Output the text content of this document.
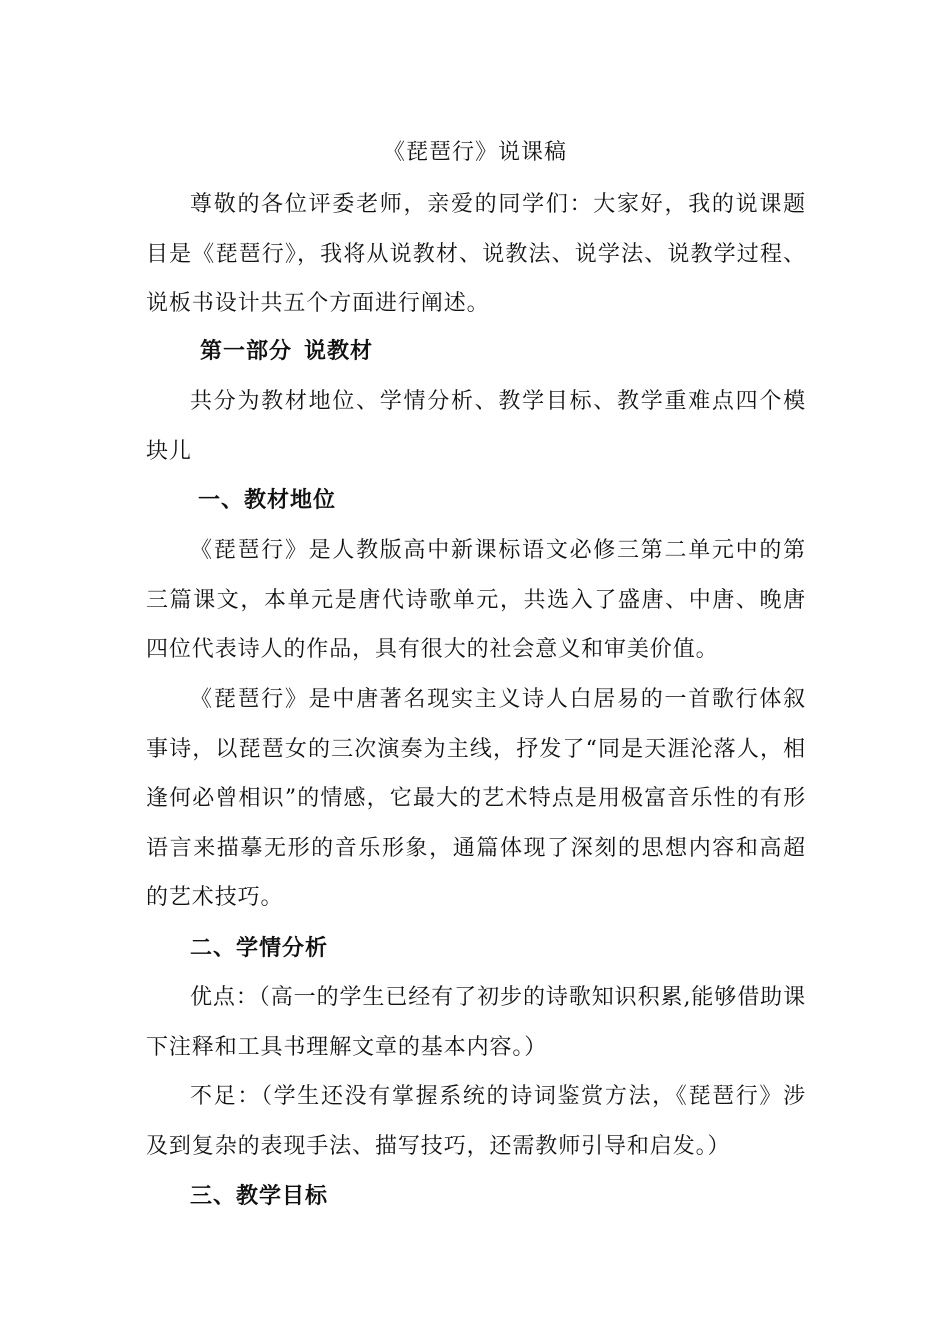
《琵琶行》说课稿

尊敬的各位评委老师，亲爱的同学们：大家好，我的说课题目是《琵琶行》，我将从说教材、说教法、说学法、说教学过程、说板书设计共五个方面进行阐述。

第一部分 说教材

共分为教材地位、学情分析、教学目标、教学重难点四个模块儿

一、教材地位

《琵琶行》是人教版高中新课标语文必修三第二单元中的第三篇课文，本单元是唐代诗歌单元，共选入了盛唐、中唐、晚唐四位代表诗人的作品，具有很大的社会意义和审美价值。

《琵琶行》是中唐著名现实主义诗人白居易的一首歌行体叙事诗，以琵琶女的三次演奏为主线，抒发了“同是天涯沦落人，相逢何必曾相识”的情感，它最大的艺术特点是用极富音乐性的有形语言来描摹无形的音乐形象，通篇体现了深刻的思想内容和高超的艺术技巧。

二、学情分析

优点：（高一的学生已经有了初步的诗歌知识积累,能够借助课下注释和工具书理解文章的基本内容。）

不足：（学生还没有掌握系统的诗词鉴赏方法，《琵琶行》涉及到复杂的表现手法、描写技巧，还需教师引导和启发。）

三、教学目标
